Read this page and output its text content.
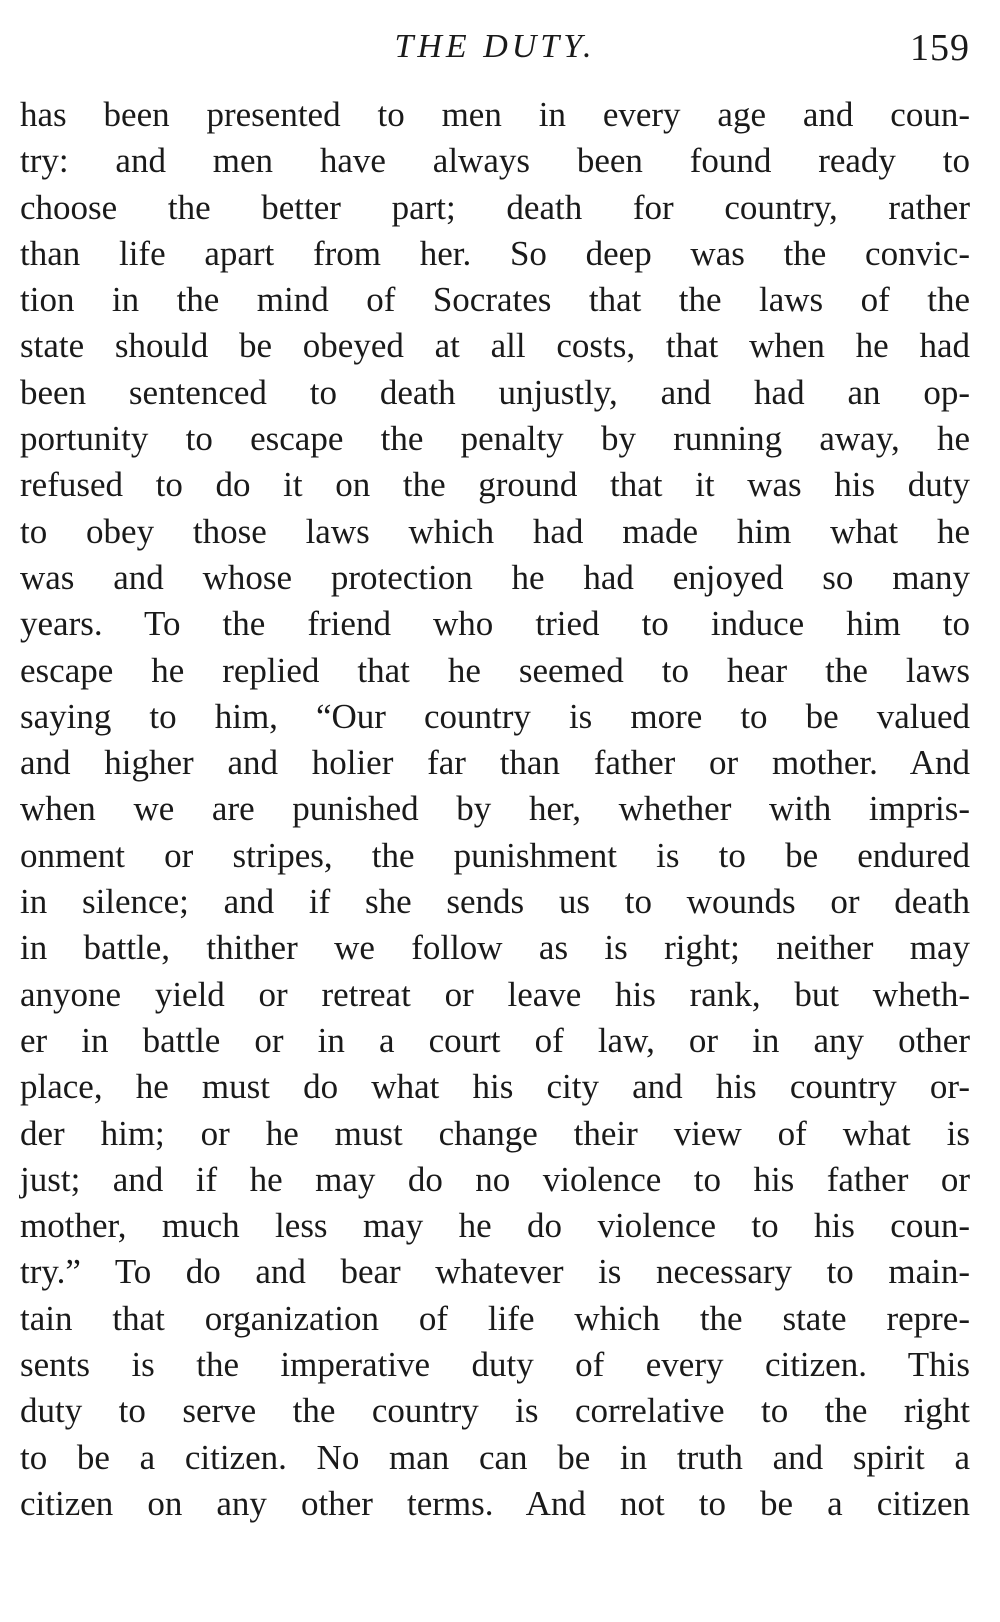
THE DUTY.	159
has been presented to men in every age and coun-
try: and men have always been found ready to
choose the better part; death for country, rather
than life apart from her. So deep was the convic-
tion in the mind of Socrates that the laws of the
state should be obeyed at all costs, that when he had
been sentenced to death unjustly, and had an op-
portunity to escape the penalty by running away, he
refused to do it on the ground that it was his duty
to obey those laws which had made him what he
was and whose protection he had enjoyed so many
years. To the friend who tried to induce him to
escape he replied that he seemed to hear the laws
saying to him, “Our country is more to be valued
and higher and holier far than father or mother. And
when we are punished by her, whether with impris-
onment or stripes, the punishment is to be endured
in silence; and if she sends us to wounds or death
in battle, thither we follow as is right; neither may
anyone yield or retreat or leave his rank, but wheth-
er in battle or in a court of law, or in any other
place, he must do what his city and his country or-
der him; or he must change their view of what is
just; and if he may do no violence to his father or
mother, much less may he do violence to his coun-
try.” To do and bear whatever is necessary to main-
tain that organization of life which the state repre-
sents is the imperative duty of every citizen. This
duty to serve the country is correlative to the right
to be a citizen. No man can be in truth and spirit a
citizen on any other terms. And not to be a citizen
